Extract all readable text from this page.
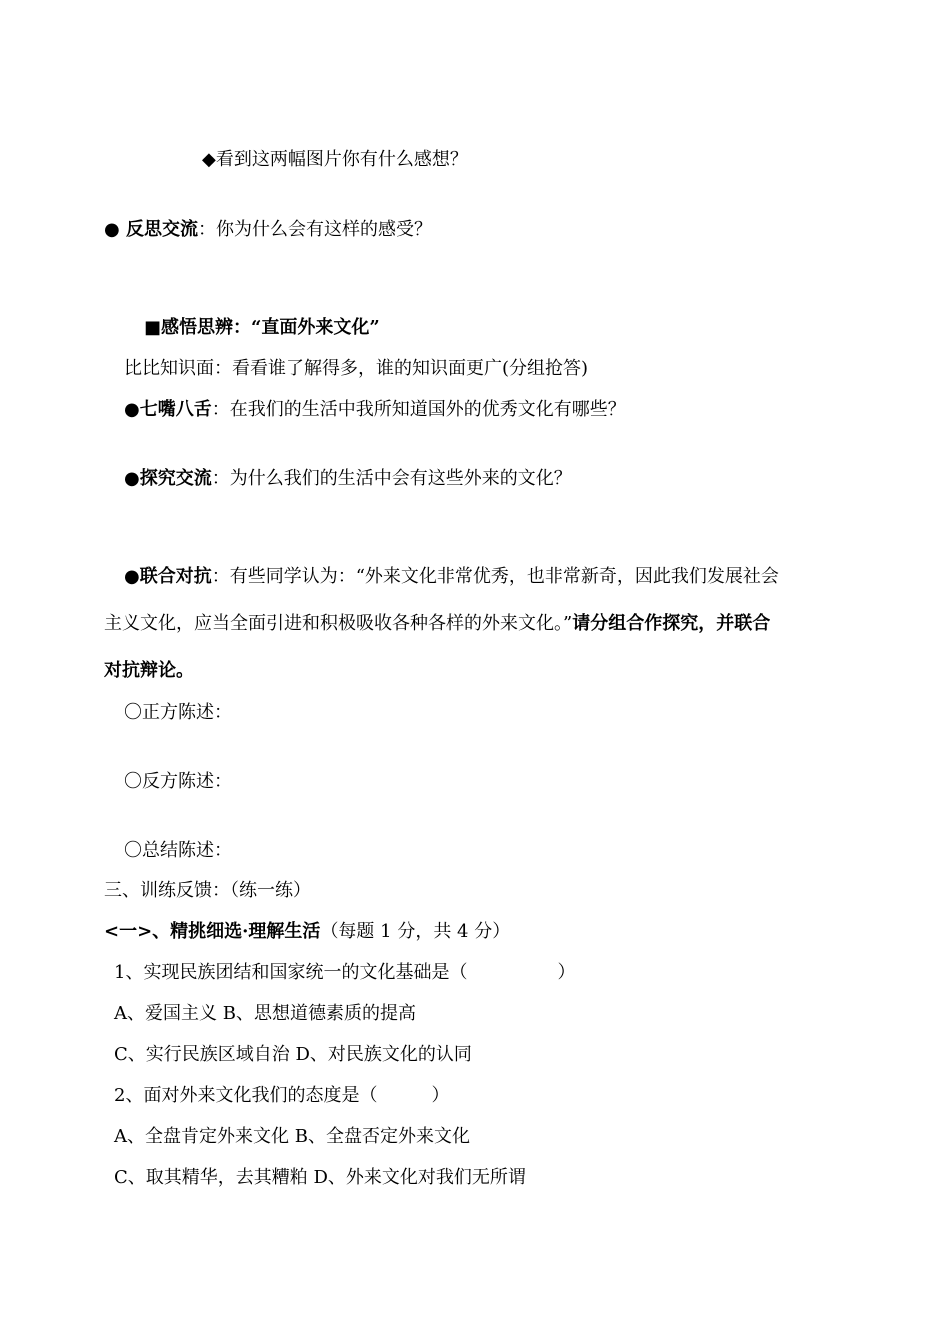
◆看到这两幅图片你有什么感想？
● 反思交流：你为什么会有这样的感受？
■感悟思辨：“直面外来文化”
比比知识面：看看谁了解得多，谁的知识面更广(分组抢答)
●七嘴八舌：在我们的生活中我所知道国外的优秀文化有哪些？
●探究交流：为什么我们的生活中会有这些外来的文化？
●联合对抗：有些同学认为：“外来文化非常优秀，也非常新奇，因此我们发展社会
主义文化，应当全面引进和积极吸收各种各样的外来文化。”请分组合作探究，并联合
对抗辩论。
〇正方陈述：
〇反方陈述：
〇总结陈述：
三、训练反馈：（练一练）
<一>、精挑细选·理解生活（每题 1 分，共 4 分）
1、实现民族团结和国家统一的文化基础是（　　　　　）
A、爱国主义 B、思想道德素质的提高
C、实行民族区域自治 D、对民族文化的认同
2、面对外来文化我们的态度是（　　　）
A、全盘肯定外来文化 B、全盘否定外来文化
C、取其精华，去其糟粕 D、外来文化对我们无所谓
